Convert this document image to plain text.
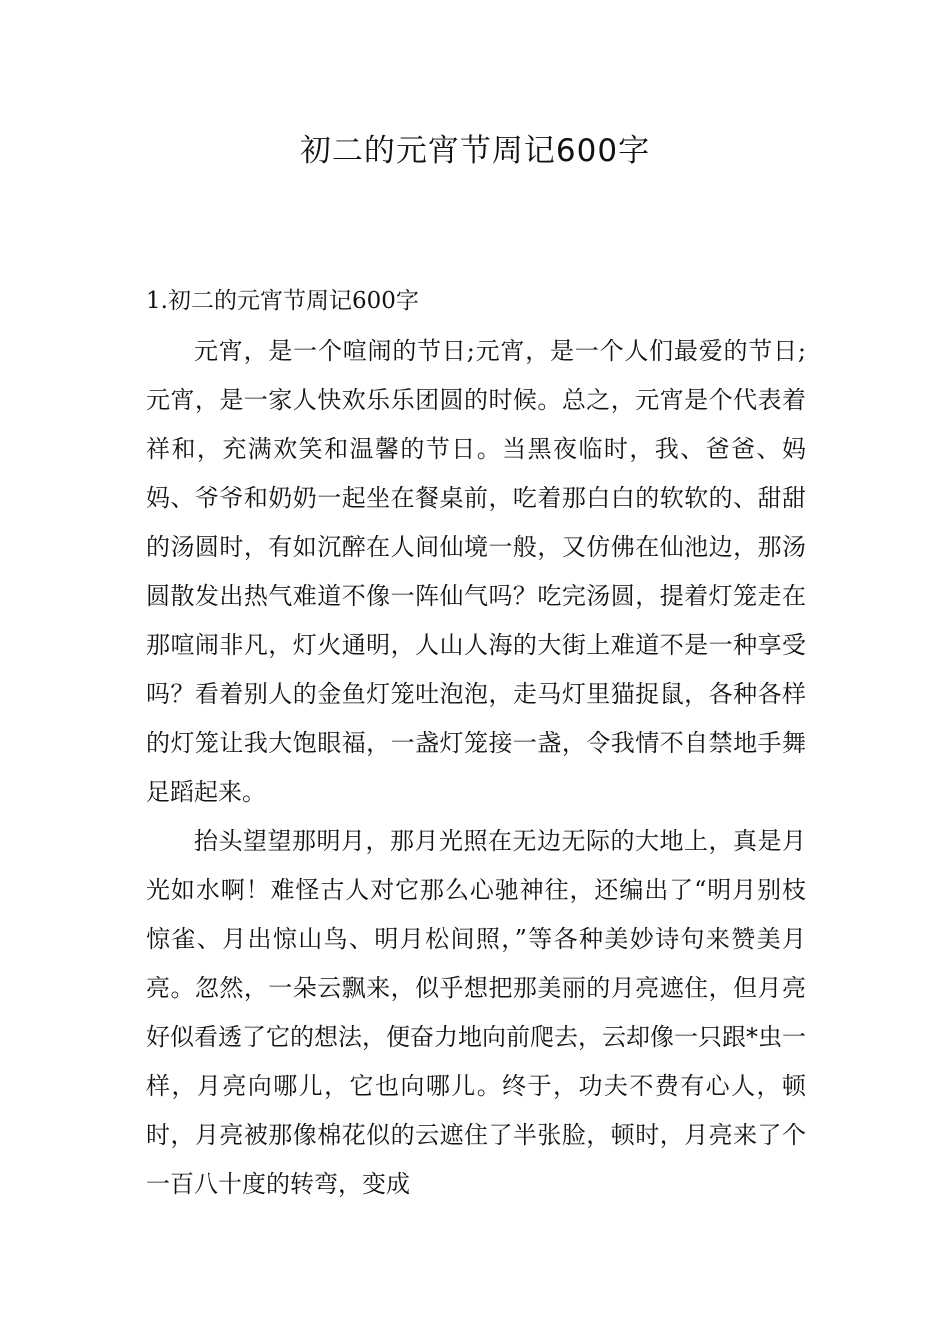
初二的元宵节周记600字
1.初二的元宵节周记600字

元宵，是一个喧闹的节日;元宵，是一个人们最爱的节日;元宵，是一家人快欢乐乐团圆的时候。总之，元宵是个代表着祥和，充满欢笑和温馨的节日。当黑夜临时，我、爸爸、妈妈、爷爷和奶奶一起坐在餐桌前，吃着那白白的软软的、甜甜的汤圆时，有如沉醉在人间仙境一般，又仿佛在仙池边，那汤圆散发出热气难道不像一阵仙气吗？吃完汤圆，提着灯笼走在那喧闹非凡，灯火通明，人山人海的大街上难道不是一种享受吗？看着别人的金鱼灯笼吐泡泡，走马灯里猫捉鼠，各种各样的灯笼让我大饱眼福，一盏灯笼接一盏，令我情不自禁地手舞足蹈起来。

抬头望望那明月，那月光照在无边无际的大地上，真是月光如水啊！难怪古人对它那么心驰神往，还编出了“明月别枝惊雀、月出惊山鸟、明月松间照，”等各种美妙诗句来赞美月亮。忽然，一朵云飘来，似乎想把那美丽的月亮遮住，但月亮好似看透了它的想法，便奋力地向前爬去，云却像一只跟*虫一样，月亮向哪儿，它也向哪儿。终于，功夫不费有心人，顿时，月亮被那像棉花似的云遮住了半张脸，顿时，月亮来了个一百八十度的转弯，变成
